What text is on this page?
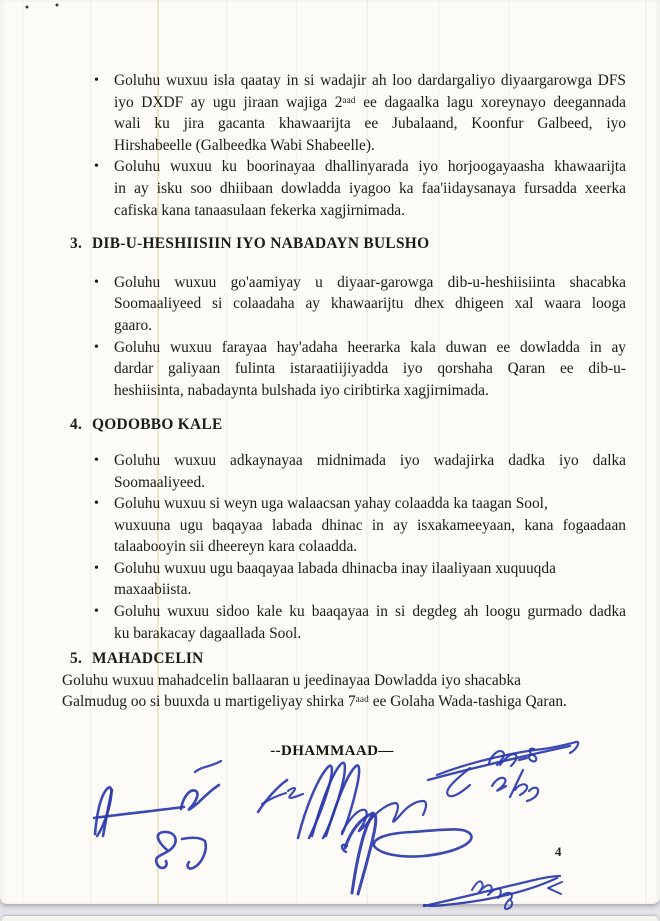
• Goluhu wuxuu isla qaatay in si wadajir ah loo dardargaliyo diyaargarowga DFS
iyo DXDF ay ugu jiraan wajiga 2ᵃᵃᵈ ee dagaalka lagu xoreynayo deegannada
wali ku jira gacanta khawaarijta ee Jubalaand, Koonfur Galbeed, iyo
Hirshabeelle (Galbeedka Wabi Shabeelle).
• Goluhu wuxuu ku boorinayaa dhallinyarada iyo horjoogayaasha khawaarijta
in ay isku soo dhiibaan dowladda iyagoo ka faa'iidaysanaya fursadda xeerka
cafiska kana tanaasulaan fekerka xagjirnimada.
3. DIB-U-HESHIISIIN IYO NABADAYN BULSHO
• Goluhu wuxuu go'aamiyay u diyaar-garowga dib-u-heshiisiinta shacabka
Soomaaliyeed si colaadaha ay khawaarijtu dhex dhigeen xal waara looga
gaaro.
• Goluhu wuxuu farayaa hay'adaha heerarka kala duwan ee dowladda in ay
dardar galiyaan fulinta istaraatiijiyadda iyo qorshaha Qaran ee dib-u-
heshiisinta, nabadaynta bulshada iyo ciribtirka xagjirnimada.
4. QODOBBO KALE
• Goluhu wuxuu adkaynayaa midnimada iyo wadajirka dadka iyo dalka
Soomaaliyeed.
• Goluhu wuxuu si weyn uga walaacsan yahay colaadda ka taagan Sool,
wuxuuna ugu baqayaa labada dhinac in ay isxakameeyaan, kana fogaadaan
talaabooyin sii dheereyn kara colaadda.
• Goluhu wuxuu ugu baaqayaa labada dhinacba inay ilaaliyaan xuquuqda
maxaabiista.
• Goluhu wuxuu sidoo kale ku baaqayaa in si degdeg ah loogu gurmado dadka
ku barakacay dagaallada Sool.
5. MAHADCELIN
Goluhu wuxuu mahadcelin ballaaran u jeedinayaa Dowladda iyo shacabka
Galmudug oo si buuxda u martigeliyay shirka 7ᵃᵃᵈ ee Golaha Wada-tashiga Qaran.
--DHAMMAAD—
4
